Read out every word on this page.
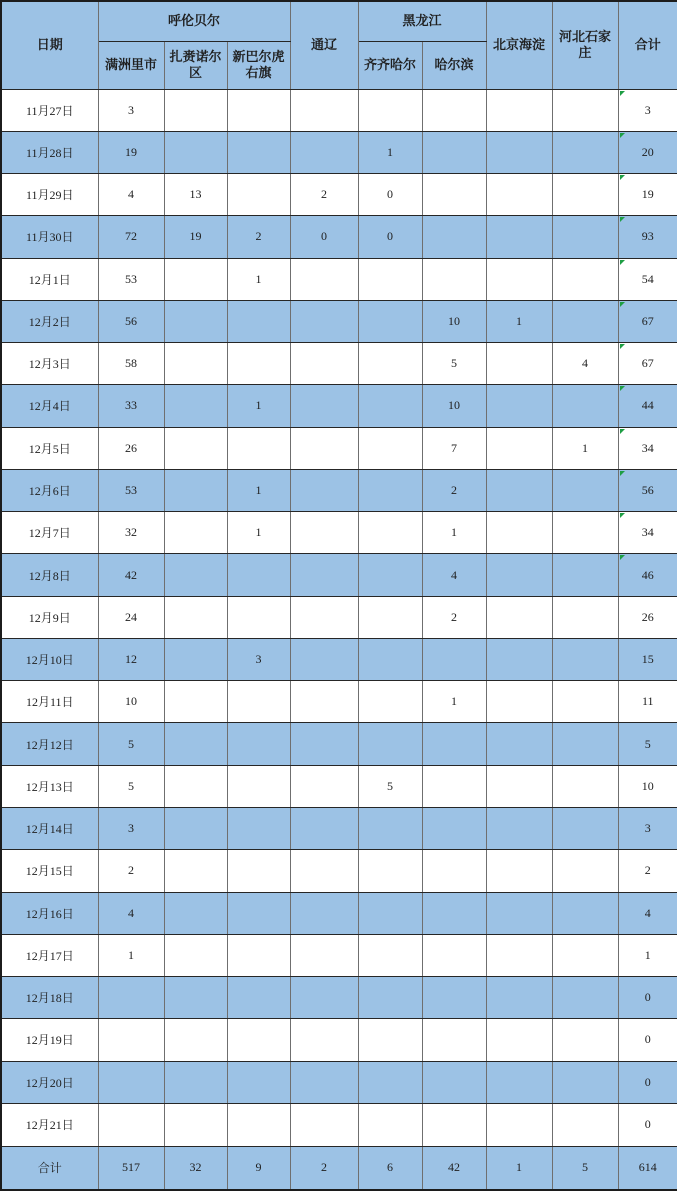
日期	呼伦贝尔			通辽	黑龙江		北京海淀	河北石家庄	合计
	满洲里市	扎赉诺尔区	新巴尔虎右旗		齐齐哈尔	哈尔滨			
11月27日	3								3

11月28日	19				1				20

11月29日	4	13		2	0				19

11月30日	72	19	2	0	0				93

12月1日	53		1						54

12月2日	56					10	1		67

12月3日	58					5		4	67

12月4日	33		1			10			44

12月5日	26					7		1	34

12月6日	53		1			2			56

12月7日	32		1			1			34

12月8日	42					4			46

12月9日	24					2			26
12月10日	12		3						15
12月11日	10					1			11
12月12日	5								5
12月13日	5				5				10
12月14日	3								3
12月15日	2								2
12月16日	4								4
12月17日	1								1
12月18日									0
12月19日									0
12月20日									0
12月21日									0
合计	517	32	9	2	6	42	1	5	614
